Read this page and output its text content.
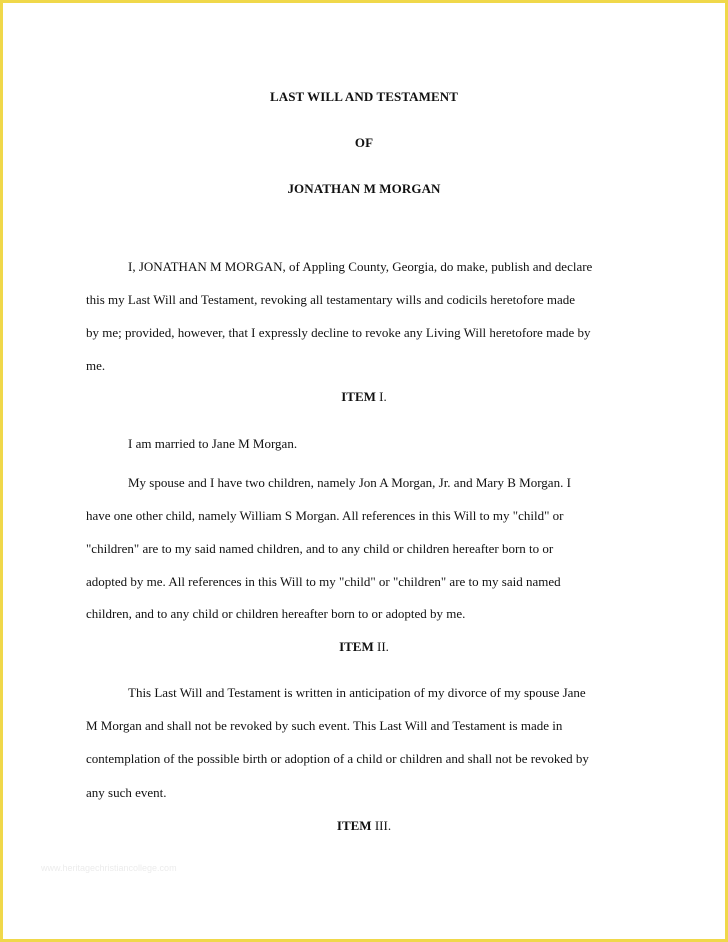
LAST WILL AND TESTAMENT
OF
JONATHAN M MORGAN
I, JONATHAN M MORGAN, of Appling County, Georgia, do make, publish and declare
this my Last Will and Testament, revoking all testamentary wills and codicils heretofore made
by me; provided, however, that I expressly decline to revoke any Living Will heretofore made by
me.
ITEM I.
I am married to Jane M Morgan.
My spouse and I have two children, namely Jon A Morgan, Jr. and Mary B Morgan. I
have one other child, namely William S Morgan. All references in this Will to my "child" or
"children" are to my said named children, and to any child or children hereafter born to or
adopted by me. All references in this Will to my "child" or "children" are to my said named
children, and to any child or children hereafter born to or adopted by me.
ITEM II.
This Last Will and Testament is written in anticipation of my divorce of my spouse Jane
M Morgan and shall not be revoked by such event. This Last Will and Testament is made in
contemplation of the possible birth or adoption of a child or children and shall not be revoked by
any such event.
ITEM III.
www.heritagechristiancollege.com
